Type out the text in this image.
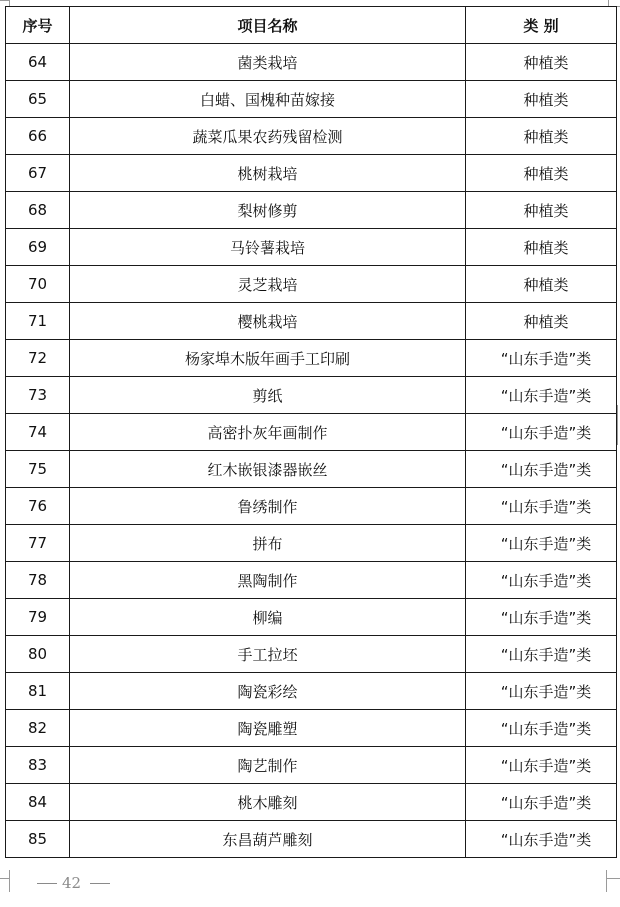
序号	项目名称	类 别
64	菌类栽培	种植类
65	白蜡、国槐种苗嫁接	种植类
66	蔬菜瓜果农药残留检测	种植类
67	桃树栽培	种植类
68	梨树修剪	种植类
69	马铃薯栽培	种植类
70	灵芝栽培	种植类
71	樱桃栽培	种植类
72	杨家埠木版年画手工印刷	“山东手造”类
73	剪纸	“山东手造”类
74	高密扑灰年画制作	“山东手造”类
75	红木嵌银漆器嵌丝	“山东手造”类
76	鲁绣制作	“山东手造”类
77	拼布	“山东手造”类
78	黑陶制作	“山东手造”类
79	柳编	“山东手造”类
80	手工拉坯	“山东手造”类
81	陶瓷彩绘	“山东手造”类
82	陶瓷雕塑	“山东手造”类
83	陶艺制作	“山东手造”类
84	桃木雕刻	“山东手造”类
85	东昌葫芦雕刻	“山东手造”类
42
